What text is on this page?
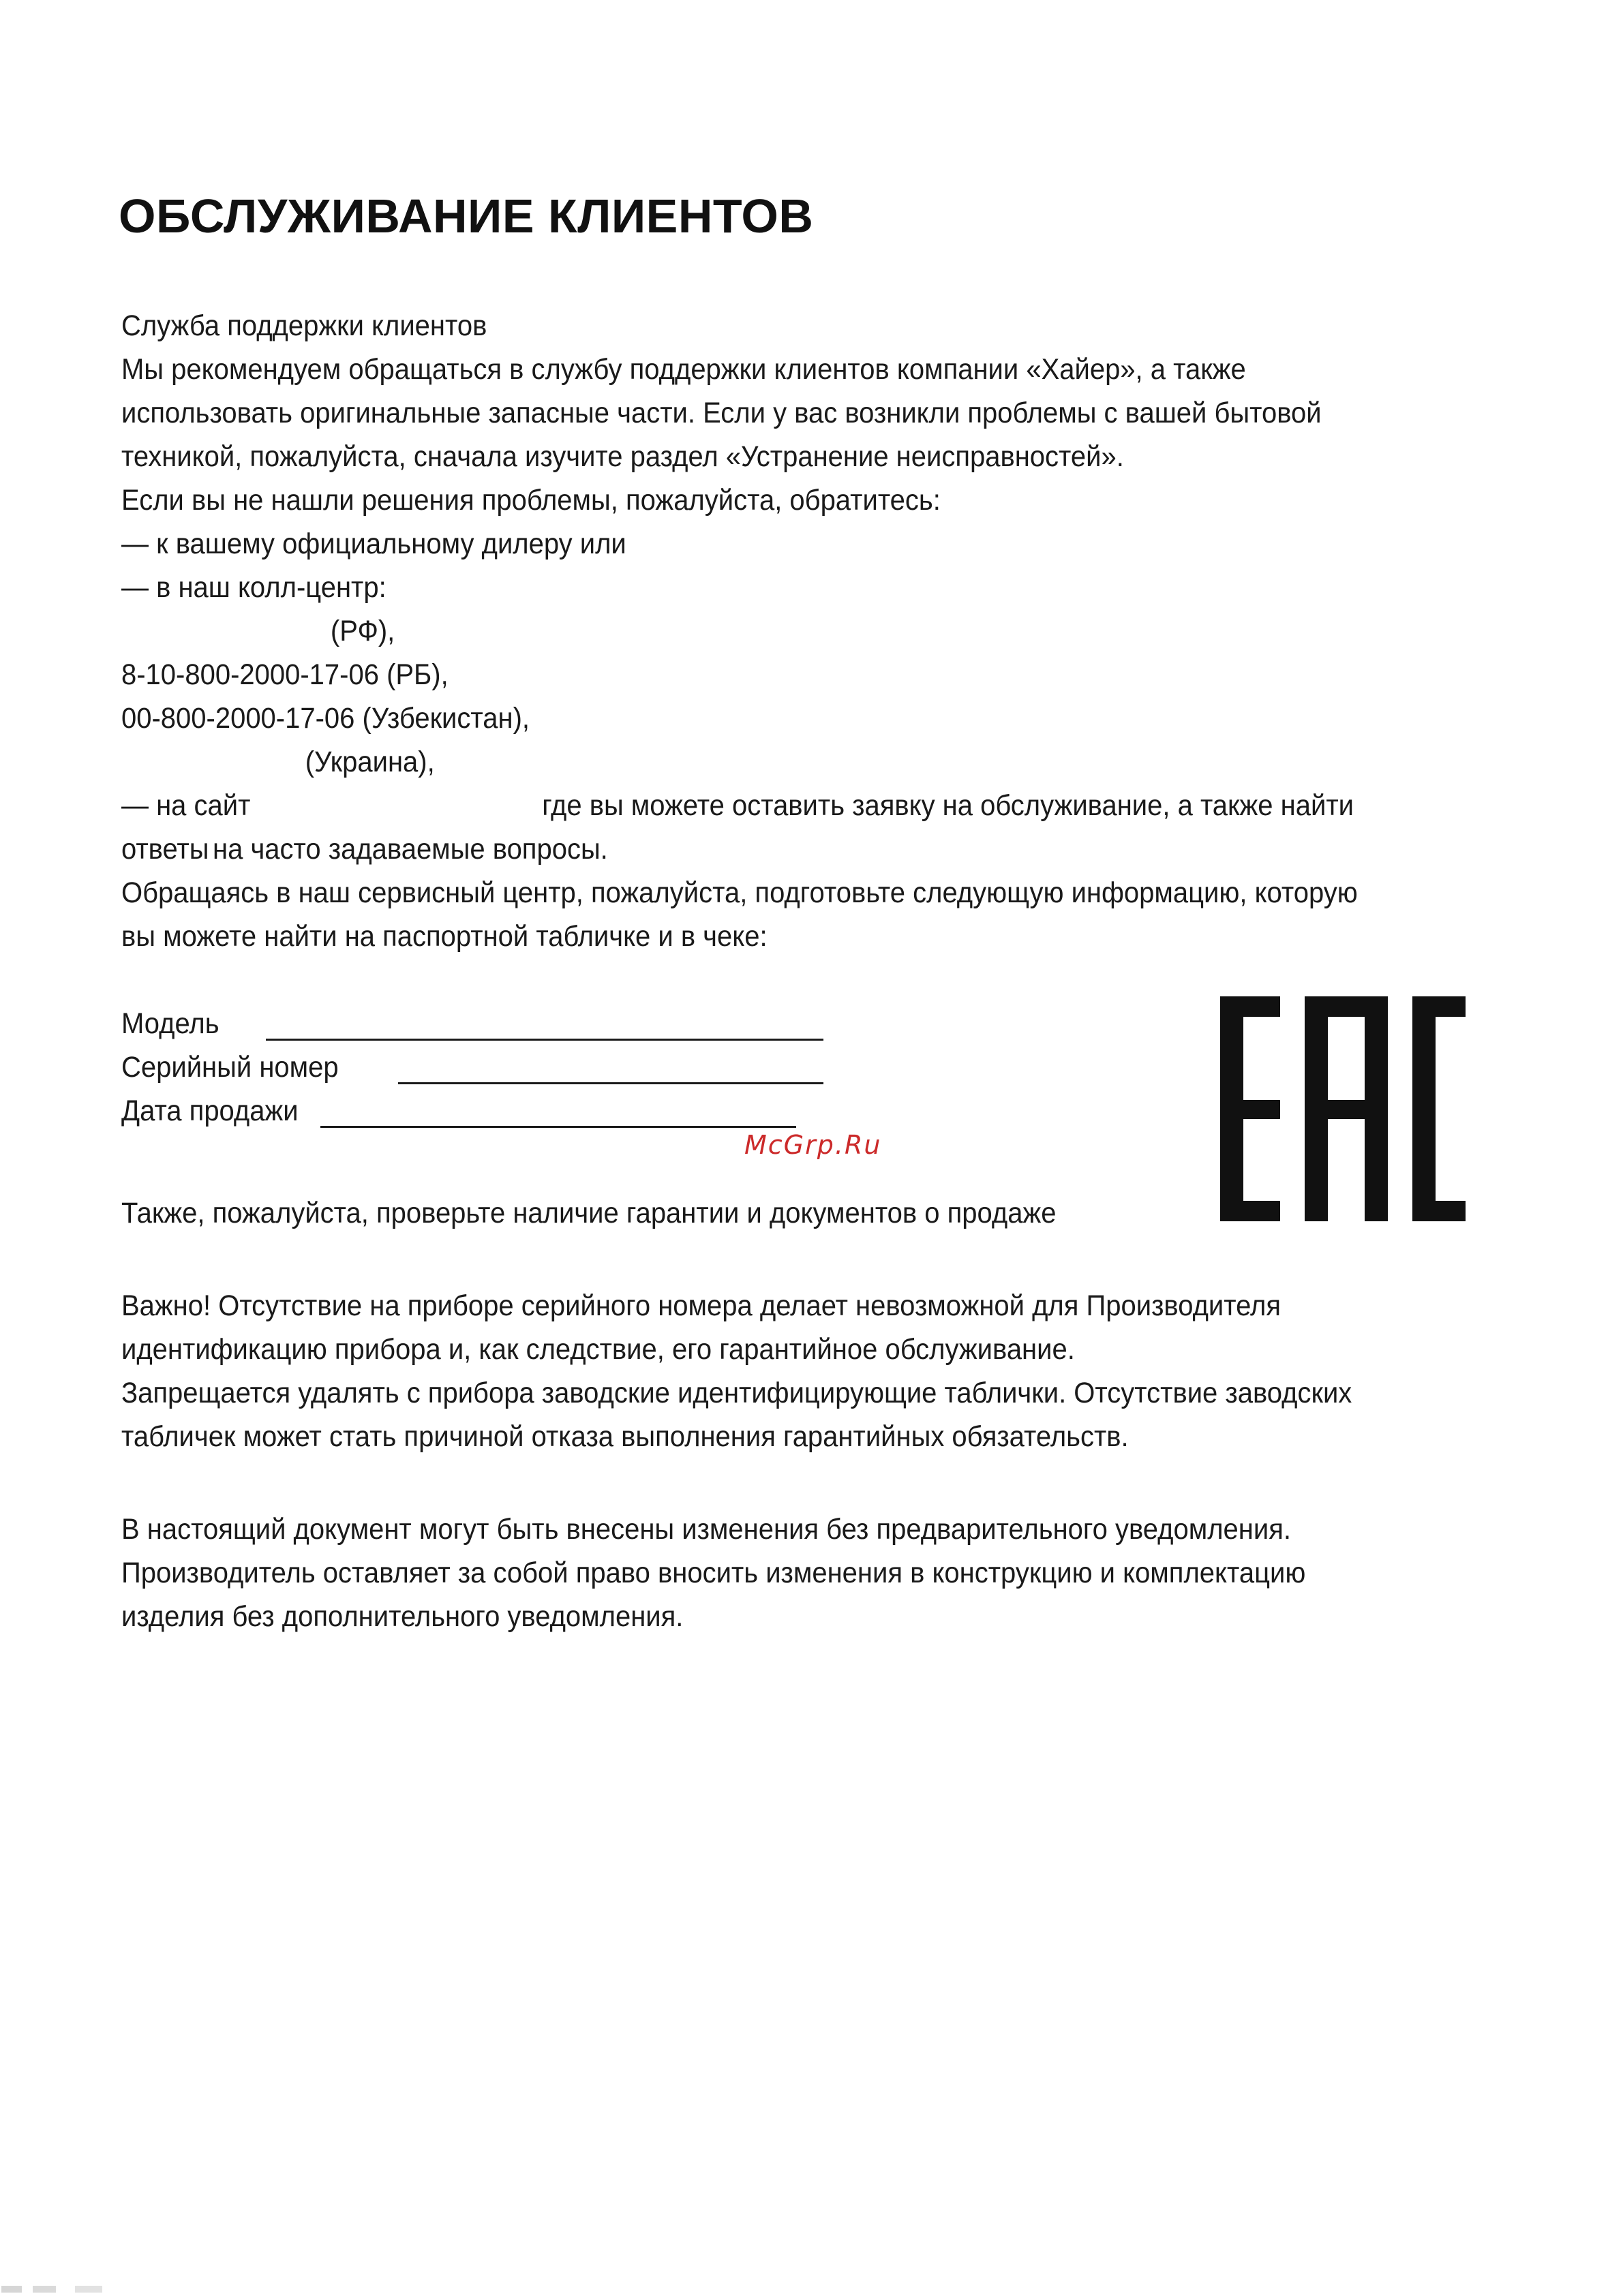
ОБСЛУЖИВАНИЕ КЛИЕНТОВ
Служба поддержки клиентов
Мы рекомендуем обращаться в службу поддержки клиентов компании «Хайер», а также
использовать оригинальные запасные части. Если у вас возникли проблемы с вашей бытовой
техникой, пожалуйста, сначала изучите раздел «Устранение неисправностей».
Если вы не нашли решения проблемы, пожалуйста, обратитесь:
— к вашему официальному дилеру или
— в наш колл-центр:
(РФ),
8-10-800-2000-17-06 (РБ),
00-800-2000-17-06 (Узбекистан),
(Украина),
— на сайт	где вы можете оставить заявку на обслуживание, а также найти
ответы на часто задаваемые вопросы.
Обращаясь в наш сервисный центр, пожалуйста, подготовьте следующую информацию, которую
вы можете найти на паспортной табличке и в чеке:
Модель
Серийный номер
Дата продажи
McGrp.Ru
Также, пожалуйста, проверьте наличие гарантии и документов о продаже
Важно! Отсутствие на приборе серийного номера делает невозможной для Производителя
идентификацию прибора и, как следствие, его гарантийное обслуживание.
Запрещается удалять с прибора заводские идентифицирующие таблички. Отсутствие заводских
табличек может стать причиной отказа выполнения гарантийных обязательств.
В настоящий документ могут быть внесены изменения без предварительного уведомления.
Производитель оставляет за собой право вносить изменения в конструкцию и комплектацию
изделия без дополнительного уведомления.
